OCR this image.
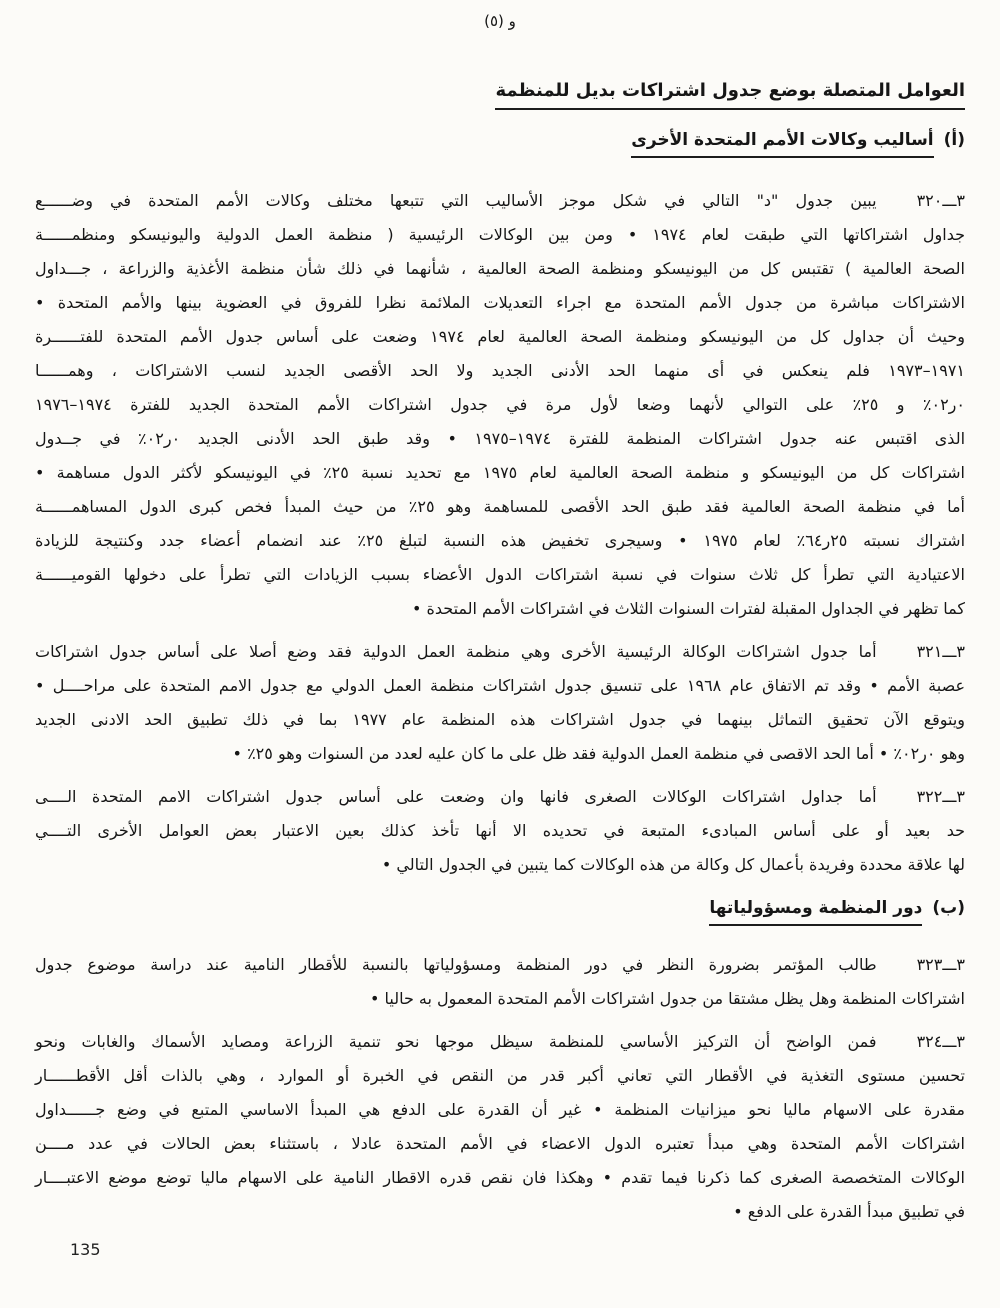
و (٥)
العوامل المتصلة بوضع جدول اشتراكات بديل للمنظمة
(أ)أساليب وكالات الأمم المتحدة الأخرى
٣ـــ٣٢٠يبين جدول "د" التالي في شكل موجز الأساليب التي تتبعها مختلف وكالات الأمم المتحدة في وضــــــع
جداول اشتراكاتها التي طبقت لعام ١٩٧٤ • ومن بين الوكالات الرئيسية ( منظمة العمل الدولية واليونيسكو ومنظمــــــة
الصحة العالمية ) تقتبس كل من اليونيسكو ومنظمة الصحة العالمية ، شأنهما في ذلك شأن منظمة الأغذية والزراعة ، جـــداول
الاشتراكات مباشرة من جدول الأمم المتحدة مع اجراء التعديلات الملائمة نظرا للفروق في العضوية بينها والأمم المتحدة •
وحيث أن جداول كل من اليونيسكو ومنظمة الصحة العالمية لعام ١٩٧٤ وضعت على أساس جدول الأمم المتحدة للفتــــــرة
١٩٧١–١٩٧٣ فلم ينعكس في أى منهما الحد الأدنى الجديد ولا الحد الأقصى الجديد لنسب الاشتراكات ، وهمــــــا
٠ر٠٢٪ و ٢٥٪ على التوالي لأنهما وضعا لأول مرة في جدول اشتراكات الأمم المتحدة الجديد للفترة ١٩٧٤–١٩٧٦
الذى اقتبس عنه جدول اشتراكات المنظمة للفترة ١٩٧٤–١٩٧٥ • وقد طبق الحد الأدنى الجديد ٠ر٠٢٪ في جــدول
اشتراكات كل من اليونيسكو و منظمة الصحة العالمية لعام ١٩٧٥ مع تحديد نسبة ٢٥٪ في اليونيسكو لأكثر الدول مساهمة •
أما في منظمة الصحة العالمية فقد طبق الحد الأقصى للمساهمة وهو ٢٥٪ من حيث المبدأ فخص كبرى الدول المساهمــــــة
اشتراك نسبته ٢٥ر٦٤٪ لعام ١٩٧٥ • وسيجرى تخفيض هذه النسبة لتبلغ ٢٥٪ عند انضمام أعضاء جدد وكنتيجة للزيادة
الاعتيادية التي تطرأ كل ثلاث سنوات في نسبة اشتراكات الدول الأعضاء بسبب الزيادات التي تطرأ على دخولها القوميــــــة
كما تظهر في الجداول المقبلة لفترات السنوات الثلاث في اشتراكات الأمم المتحدة •
٣ـــ٣٢١أما جدول اشتراكات الوكالة الرئيسية الأخرى وهي منظمة العمل الدولية فقد وضع أصلا على أساس جدول اشتراكات
عصبة الأمم • وقد تم الاتفاق عام ١٩٦٨ على تنسيق جدول اشتراكات منظمة العمل الدولي مع جدول الامم المتحدة على مراحــــل •
ويتوقع الآن تحقيق التماثل بينهما في جدول اشتراكات هذه المنظمة عام ١٩٧٧ بما في ذلك تطبيق الحد الادنى الجديد
وهو ٠ر٠٢٪ • أما الحد الاقصى في منظمة العمل الدولية فقد ظل على ما كان عليه لعدد من السنوات وهو ٢٥٪ •
٣ـــ٣٢٢أما جداول اشتراكات الوكالات الصغرى فانها وان وضعت على أساس جدول اشتراكات الامم المتحدة الــــى
حد بعيد أو على أساس المبادىء المتبعة في تحديده الا أنها تأخذ كذلك بعين الاعتبار بعض العوامل الأخرى التــــي
لها علاقة محددة وفريدة بأعمال كل وكالة من هذه الوكالات كما يتبين في الجدول التالي •
(ب)دور المنظمة ومسؤولياتها
٣ـــ٣٢٣طالب المؤتمر بضرورة النظر في دور المنظمة ومسؤولياتها بالنسبة للأقطار النامية عند دراسة موضوع جدول
اشتراكات المنظمة وهل يظل مشتقا من جدول اشتراكات الأمم المتحدة المعمول به حاليا •
٣ـــ٣٢٤فمن الواضح أن التركيز الأساسي للمنظمة سيظل موجها نحو تنمية الزراعة ومصايد الأسماك والغابات ونحو
تحسين مستوى التغذية في الأقطار التي تعاني أكبر قدر من النقص في الخبرة أو الموارد ، وهي بالذات أقل الأقطــــــار
مقدرة على الاسهام ماليا نحو ميزانيات المنظمة • غير أن القدرة على الدفع هي المبدأ الاساسي المتبع في وضع جــــــداول
اشتراكات الأمم المتحدة وهي مبدأ تعتبره الدول الاعضاء في الأمم المتحدة عادلا ، باستثناء بعض الحالات في عدد مــــن
الوكالات المتخصصة الصغرى كما ذكرنا فيما تقدم • وهكذا فان نقص قدره الاقطار النامية على الاسهام ماليا توضع موضع الاعتبــــار
في تطبيق مبدأ القدرة على الدفع •
135
